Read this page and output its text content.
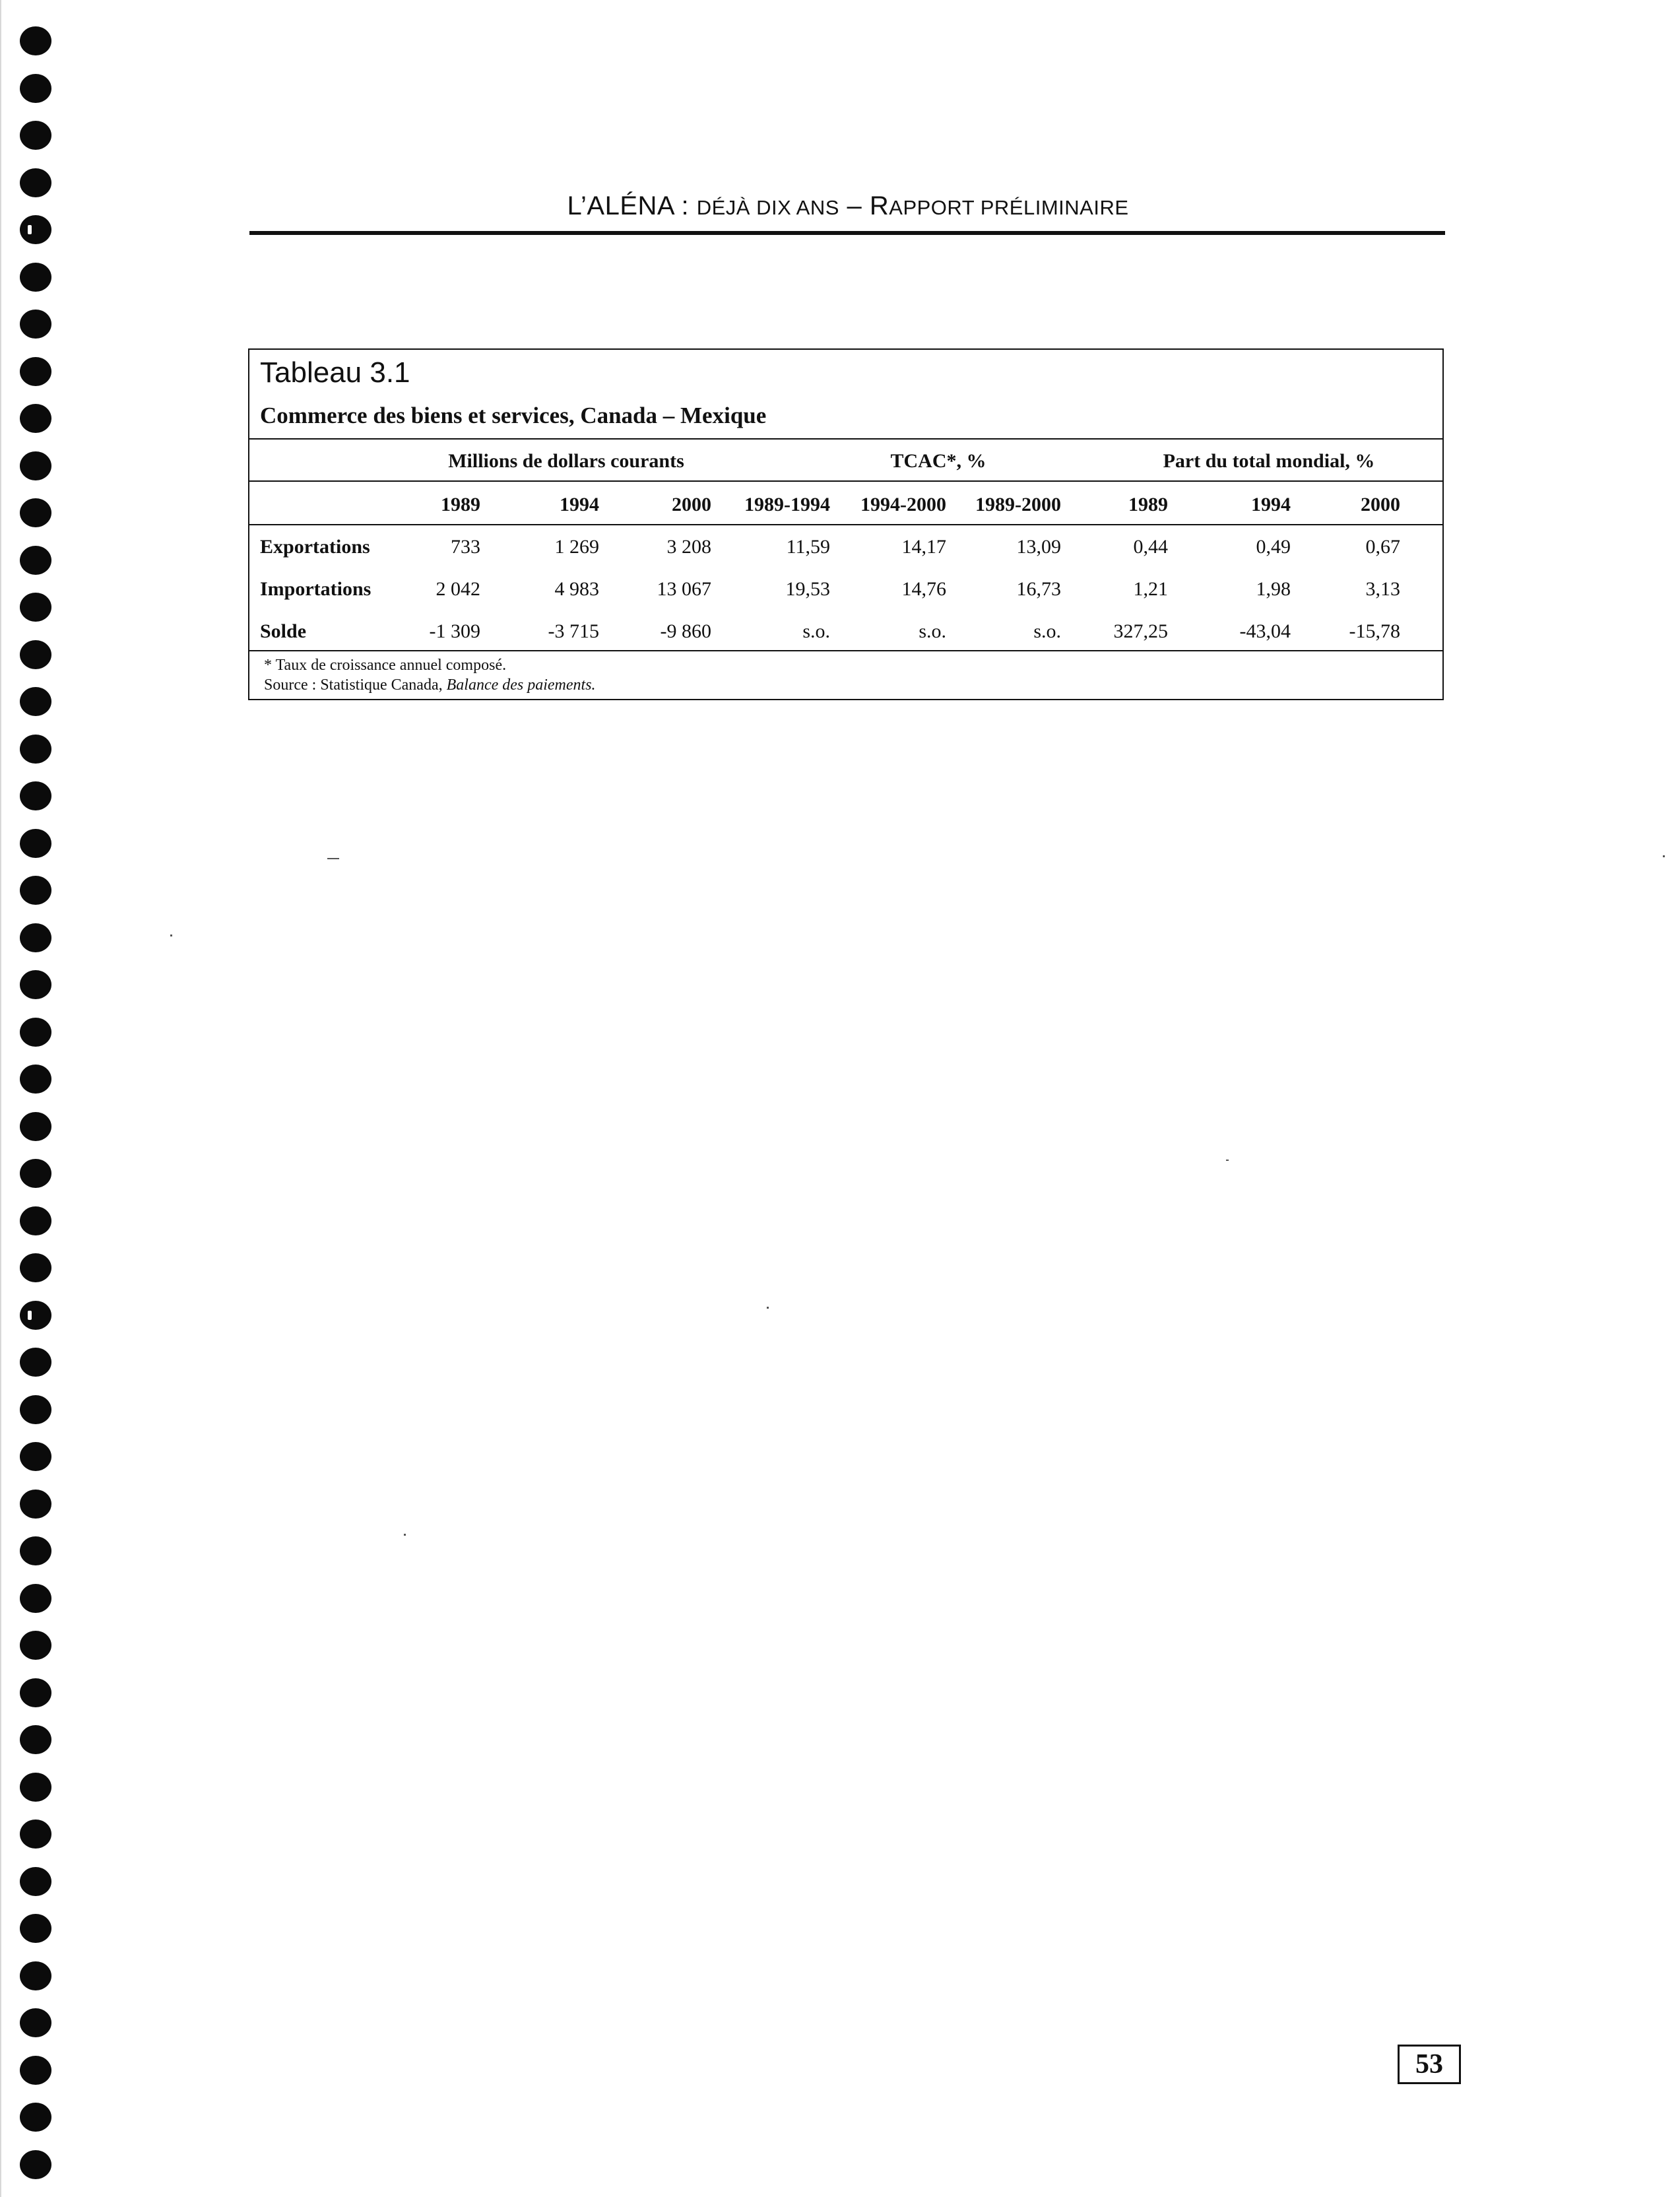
L’ALÉNA : DÉJÀ DIX ANS – RAPPORT PRÉLIMINAIRE
Tableau 3.1
Commerce des biens et services, Canada – Mexique
Millions de dollars courants	TCAC*, %	Part du total mondial, %
1989	1994	2000	1989-1994	1994-2000	1989-2000	1989	1994	2000
Exportations	733	1 269	3 208	11,59	14,17	13,09	0,44	0,49	0,67
Importations	2 042	4 983	13 067	19,53	14,76	16,73	1,21	1,98	3,13
Solde	-1 309	-3 715	-9 860	s.o.	s.o.	s.o.	327,25	-43,04	-15,78
* Taux de croissance annuel composé.
Source : Statistique Canada, Balance des paiements.
53
